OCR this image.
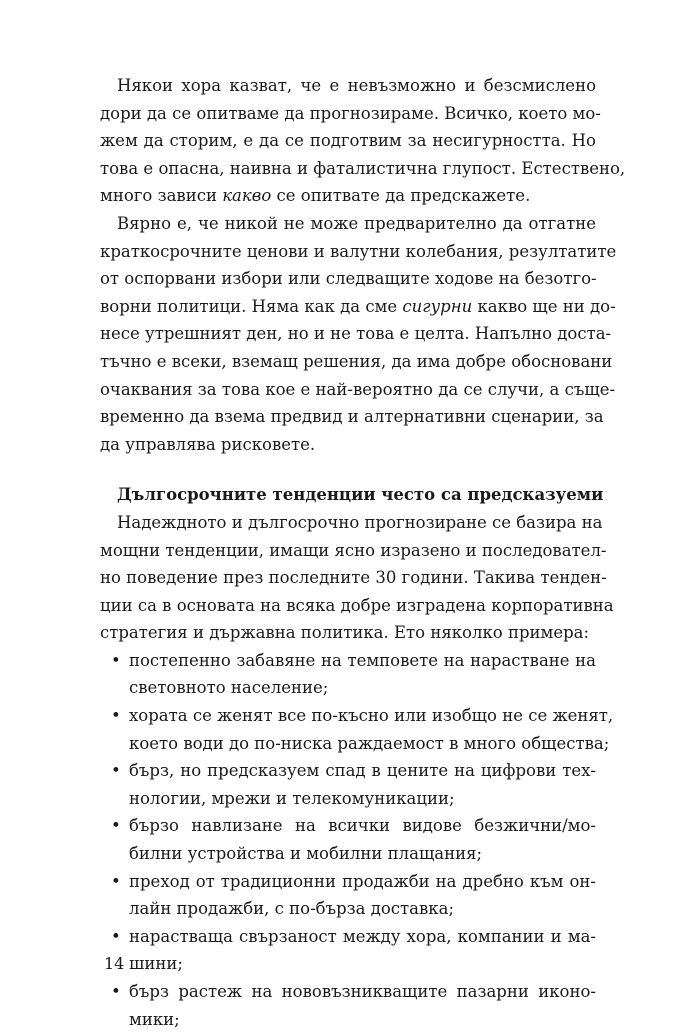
Някои хора казват, че е невъзможно и безсмислено
дори да се опитваме да прогнозираме. Всичко, което мо-
жем да сторим, е да се подготвим за несигурността. Но
това е опасна, наивна и фаталистична глупост. Естествено,
много зависи какво се опитвате да предскажете.
Вярно е, че никой не може предварително да отгатне
краткосрочните ценови и валутни колебания, резултатите
от оспорвани избори или следващите ходове на безотго-
ворни политици. Няма как да сме сигурни какво ще ни до-
несе утрешният ден, но и не това е целта. Напълно доста-
тъчно е всеки, вземащ решения, да има добре обосновани
очаквания за това кое е най-вероятно да се случи, а съще-
временно да взема предвид и алтернативни сценарии, за
да управлява рисковете.
Дългосрочните тенденции често са предсказуеми
Надеждното и дългосрочно прогнозиране се базира на
мощни тенденции, имащи ясно изразено и последовател-
но поведение през последните 30 години. Такива тенден-
ции са в основата на всяка добре изградена корпоративна
стратегия и държавна политика. Ето няколко примера:
• постепенно забавяне на темповете на нарастване на
световното население;
• хората се женят все по-късно или изобщо не се женят,
което води до по-ниска раждаемост в много общества;
• бърз, но предсказуем спад в цените на цифрови тех-
нологии, мрежи и телекомуникации;
• бързо навлизане на всички видове безжични/мо-
билни устройства и мобилни плащания;
• преход от традиционни продажби на дребно към он-
лайн продажби, с по-бърза доставка;
• нарастваща свързаност между хора, компании и ма-
шини;
• бърз растеж на нововъзникващите пазарни иконо-
мики;
14
